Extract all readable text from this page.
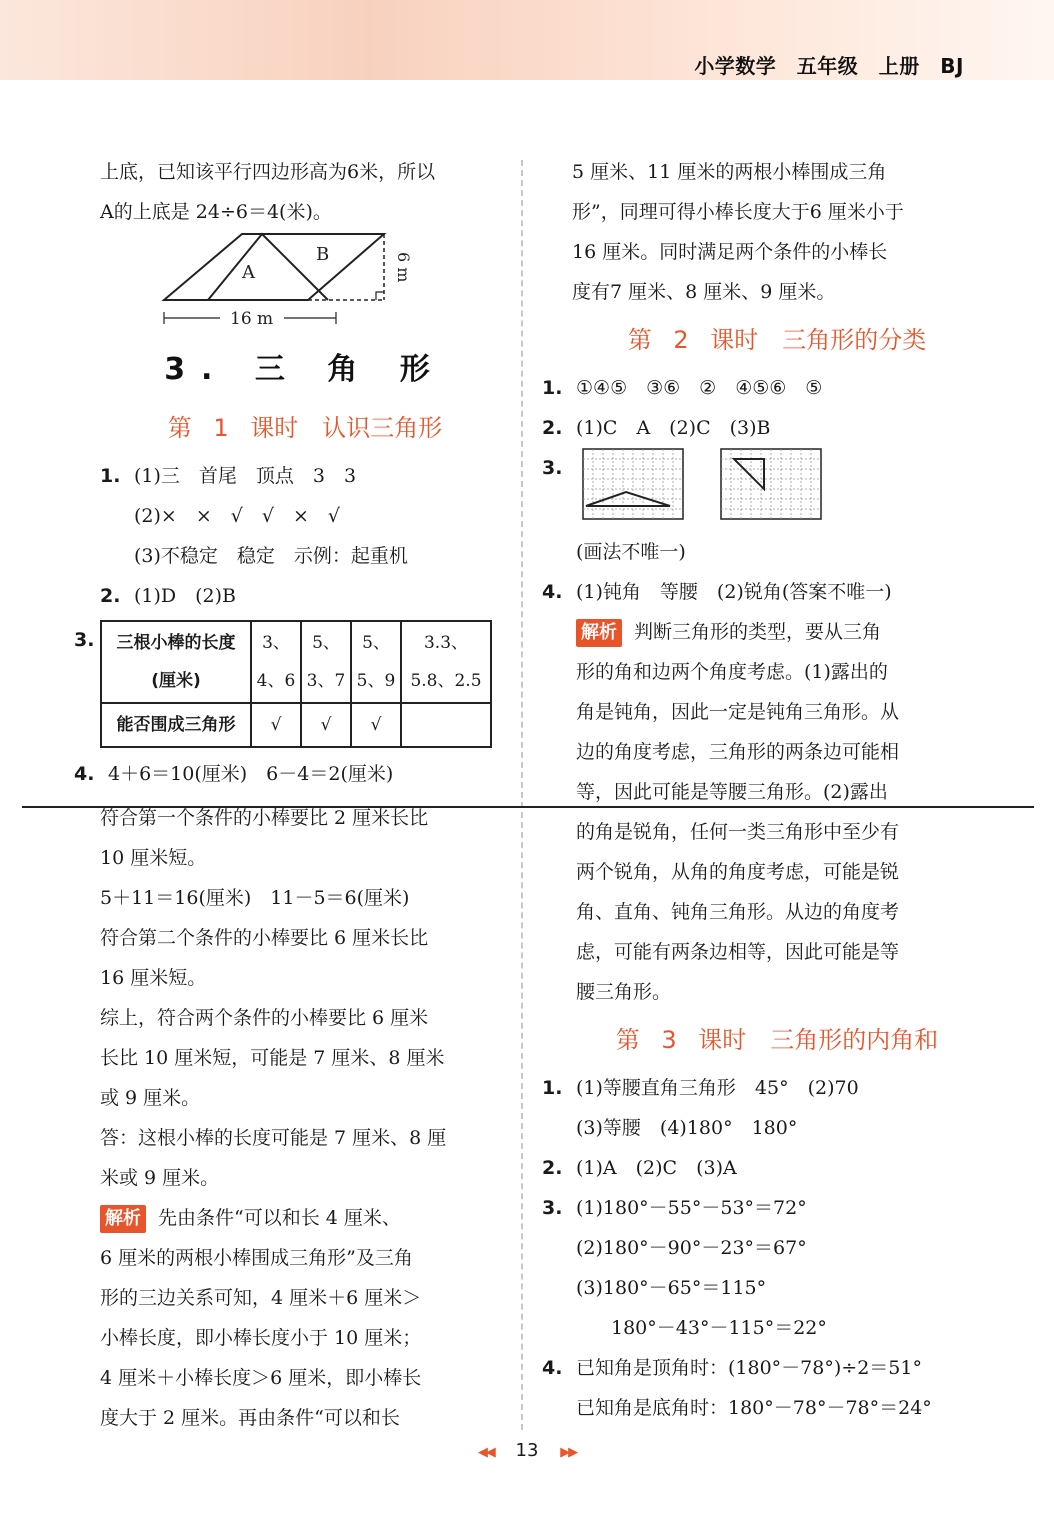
小学数学　五年级　上册　BJ
上底，已知该平行四边形高为6米，所以
A的上底是 24÷6＝4(米)。
A
B	6 m
16 m
3. 三 角 形
第 1 课时　认识三角形
1. (1)三　首尾　顶点　3　3
(2)×　×　√　√　×　√
(3)不稳定　稳定　示例：起重机
2. (1)D　(2)B
3.	三根小棒的长度(厘米)	3、4、6	5、3、7	5、5、9	3.3、5.8、2.5
能否围成三角形	√	√	√	
4. 4＋6＝10(厘米)　6－4＝2(厘米)
符合第一个条件的小棒要比 2 厘米长比
10 厘米短。
5＋11＝16(厘米)　11－5＝6(厘米)
符合第二个条件的小棒要比 6 厘米长比
16 厘米短。
综上，符合两个条件的小棒要比 6 厘米
长比 10 厘米短，可能是 7 厘米、8 厘米
或 9 厘米。
答：这根小棒的长度可能是 7 厘米、8 厘
米或 9 厘米。
解析 先由条件“可以和长 4 厘米、
6 厘米的两根小棒围成三角形”及三角
形的三边关系可知，4 厘米＋6 厘米＞
小棒长度，即小棒长度小于 10 厘米；
4 厘米＋小棒长度＞6 厘米，即小棒长
度大于 2 厘米。再由条件“可以和长
5 厘米、11 厘米的两根小棒围成三角
形”，同理可得小棒长度大于6 厘米小于
16 厘米。同时满足两个条件的小棒长
度有7 厘米、8 厘米、9 厘米。
第 2 课时　三角形的分类
1. ①④⑤　③⑥　②　④⑤⑥　⑤
2. (1)C　A　(2)C　(3)B
3.
(画法不唯一)
4. (1)钝角　等腰　(2)锐角(答案不唯一)
解析 判断三角形的类型，要从三角
形的角和边两个角度考虑。(1)露出的
角是钝角，因此一定是钝角三角形。从
边的角度考虑，三角形的两条边可能相
等，因此可能是等腰三角形。(2)露出
的角是锐角，任何一类三角形中至少有
两个锐角，从角的角度考虑，可能是锐
角、直角、钝角三角形。从边的角度考
虑，可能有两条边相等，因此可能是等
腰三角形。
第 3 课时　三角形的内角和
1. (1)等腰直角三角形　45°　(2)70
(3)等腰　(4)180°　180°
2. (1)A　(2)C　(3)A
3. (1)180°－55°－53°＝72°
(2)180°－90°－23°＝67°
(3)180°－65°＝115°
　180°－43°－115°＝22°
4. 已知角是顶角时：(180°－78°)÷2＝51°
已知角是底角时：180°－78°－78°＝24°
◀◀ 13 ▶▶
